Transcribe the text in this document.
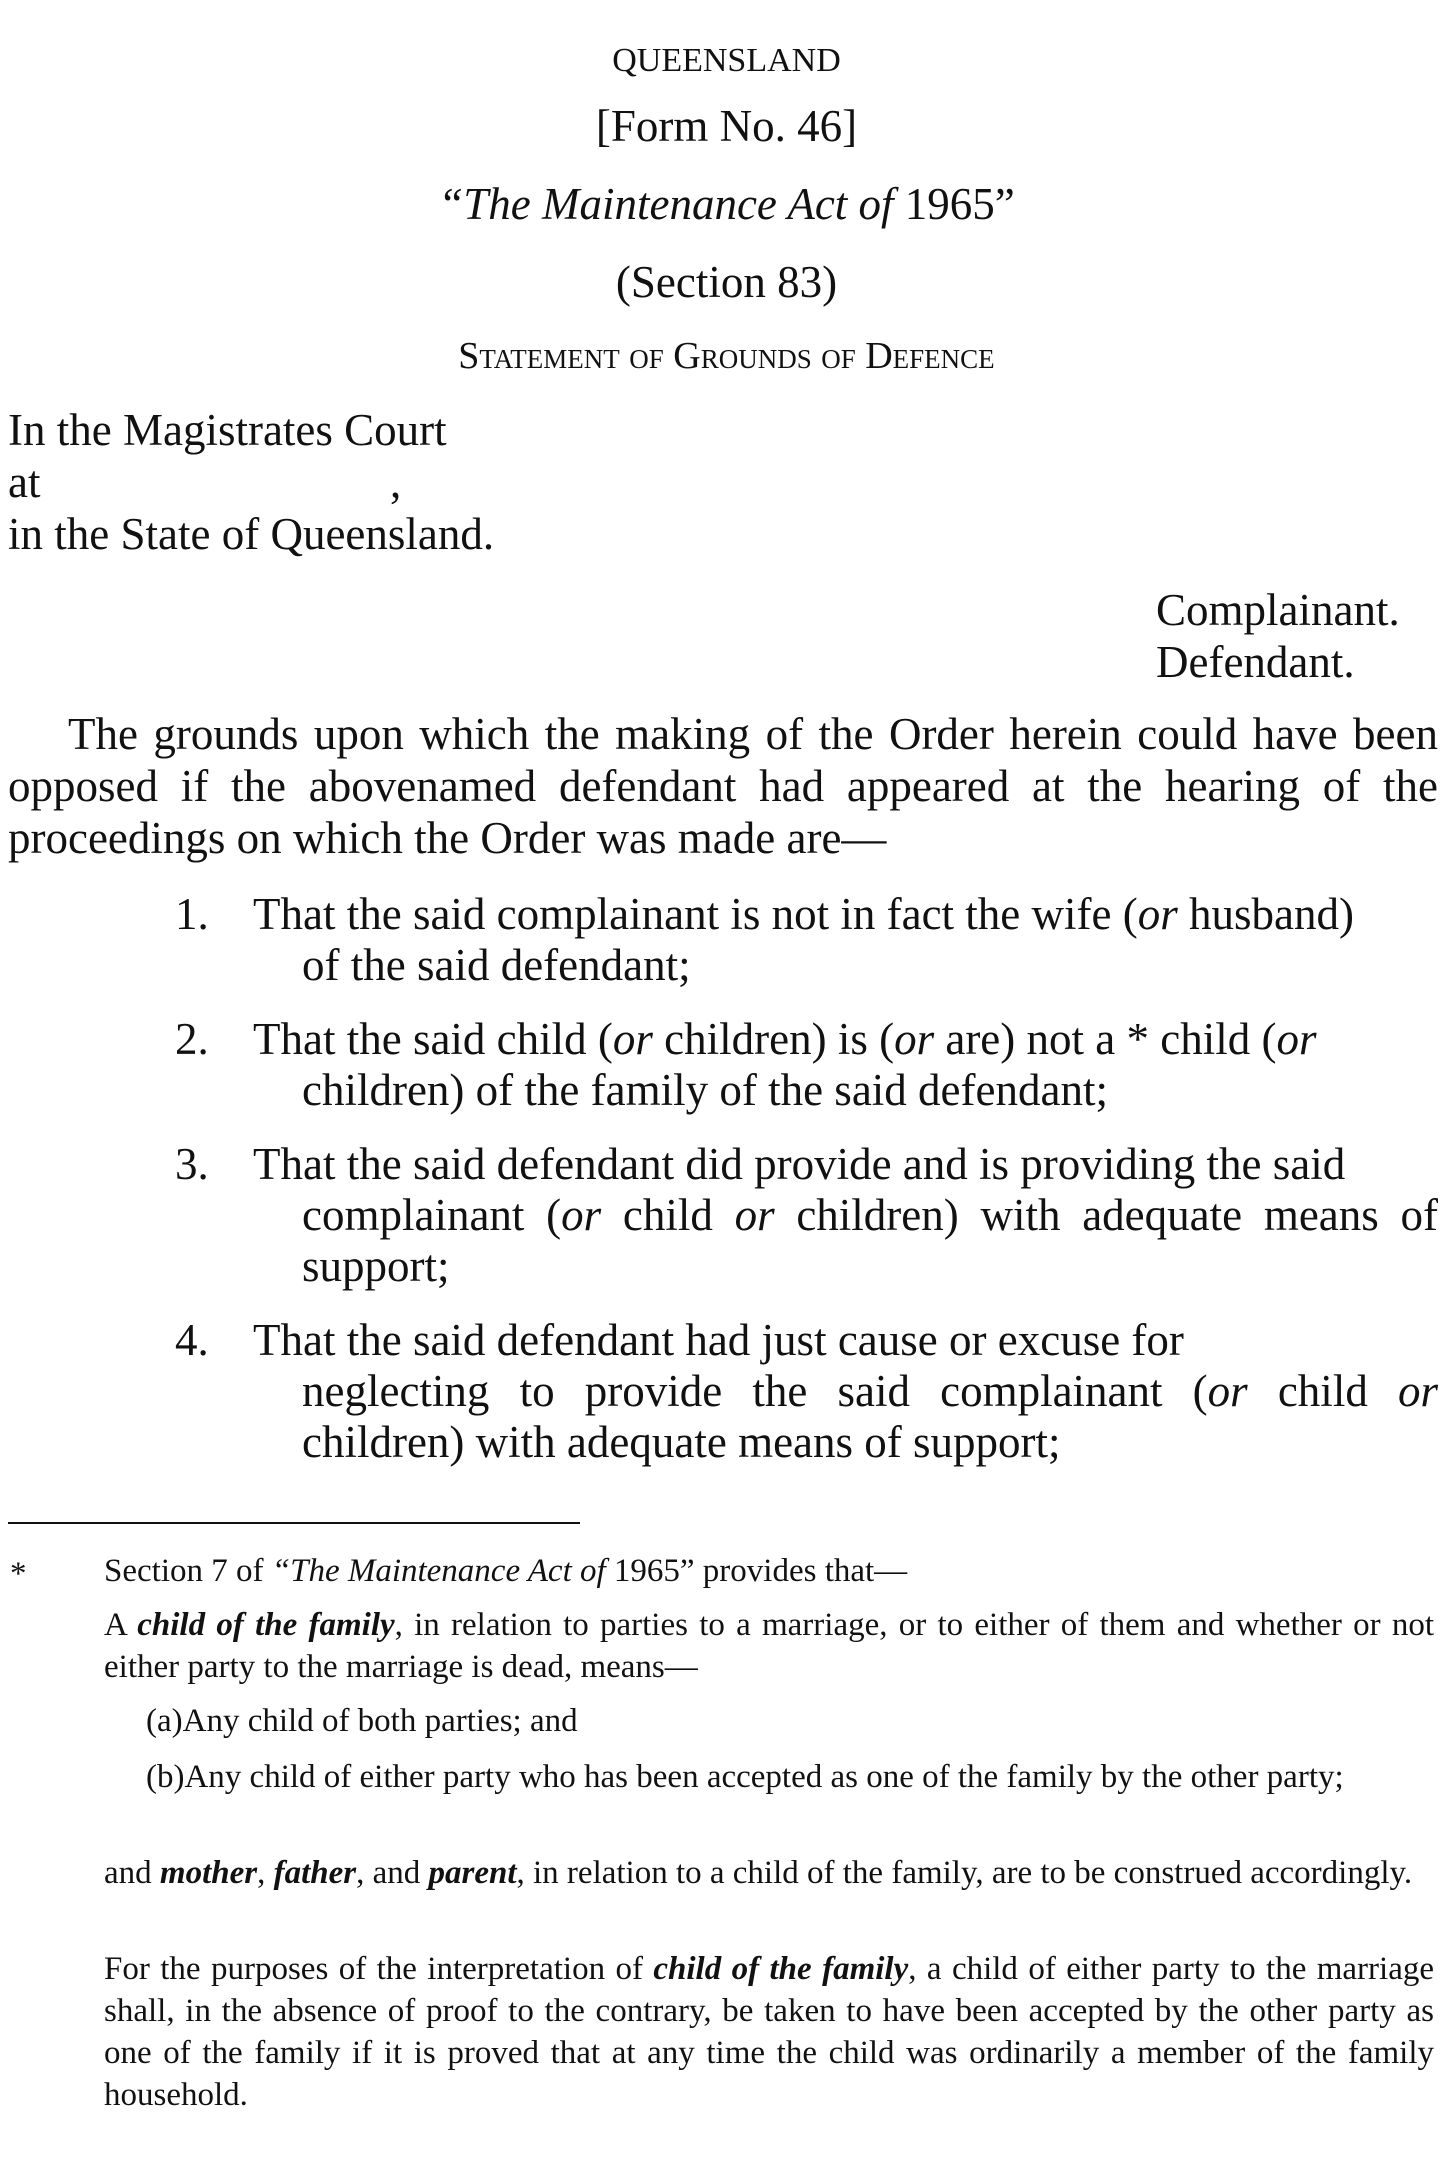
QUEENSLAND
[Form No. 46]
“The Maintenance Act of 1965”
(Section 83)
Statement of Grounds of Defence
In the Magistrates Court
at	,
in the State of Queensland.
Complainant.
Defendant.
The grounds upon which the making of the Order herein could have been opposed if the abovenamed defendant had appeared at the hearing of the proceedings on which the Order was made are—
1. That the said complainant is not in fact the wife (or husband)
of the said defendant;
2. That the said child (or children) is (or are) not a * child (or
children) of the family of the said defendant;
3. That the said defendant did provide and is providing the said
complainant (or child or children) with adequate means of support;
4. That the said defendant had just cause or excuse for
neglecting to provide the said complainant (or child or children) with adequate means of support;
* Section 7 of “The Maintenance Act of 1965” provides that—
A child of the family, in relation to parties to a marriage, or to either of them and whether or not either party to the marriage is dead, means—
(a)Any child of both parties; and
(b)Any child of either party who has been accepted as one of the family by the other party;
and mother, father, and parent, in relation to a child of the family, are to be construed accordingly.
For the purposes of the interpretation of child of the family, a child of either party to the marriage shall, in the absence of proof to the contrary, be taken to have been accepted by the other party as one of the family if it is proved that at any time the child was ordinarily a member of the family household.
